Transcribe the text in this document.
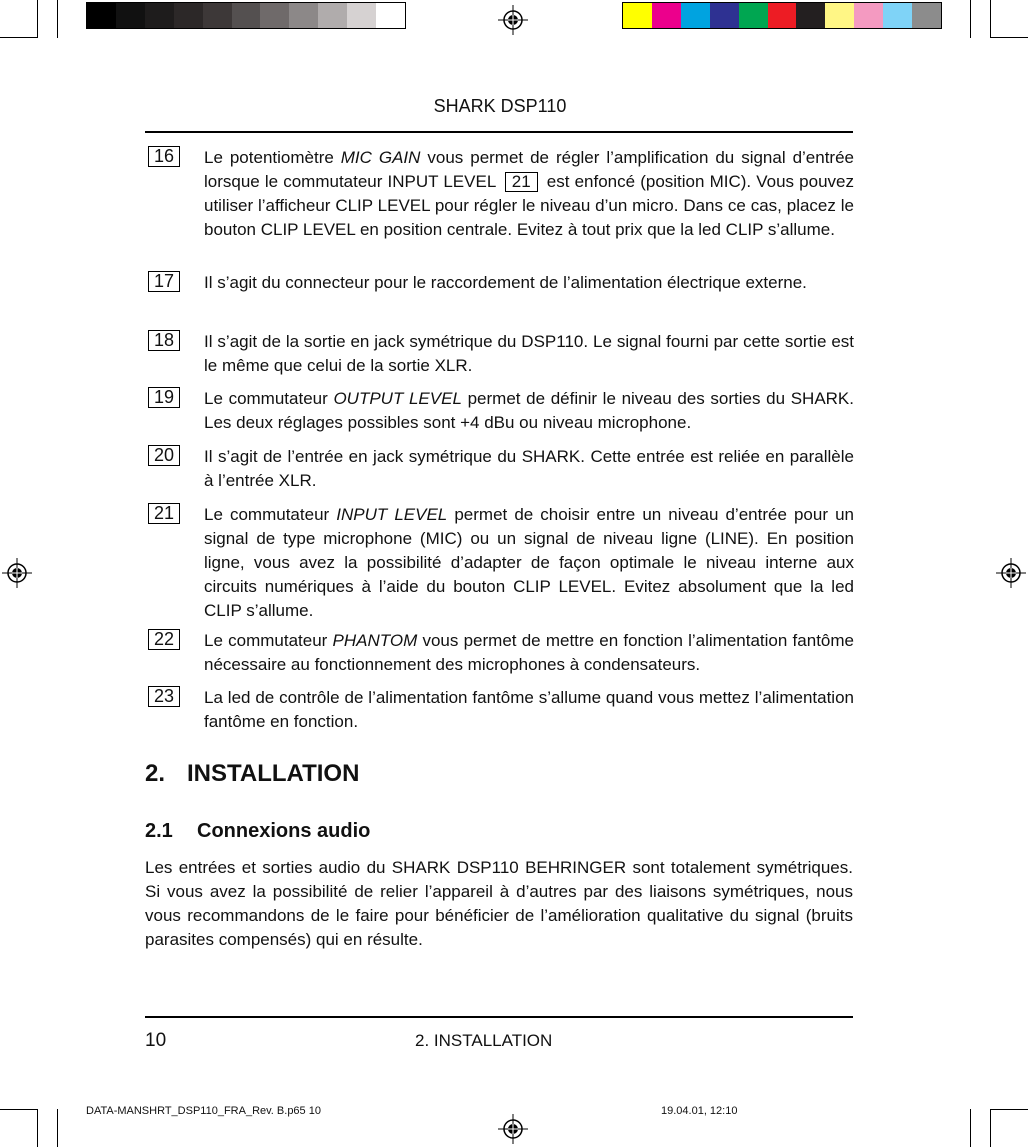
SHARK DSP110
16	Le potentiomètre MIC GAIN vous permet de régler l’amplification du signal d’entrée lorsque le commutateur INPUT LEVEL 21 est enfoncé (position MIC). Vous pouvez utiliser l’afficheur CLIP LEVEL pour régler le niveau d’un micro. Dans ce cas, placez le bouton CLIP LEVEL en position centrale. Evitez à tout prix que la led CLIP s’allume.
17	Il s’agit du connecteur pour le raccordement de l’alimentation électrique externe.
18	Il s’agit de la sortie en jack symétrique du DSP110. Le signal fourni par cette sortie est le même que celui de la sortie XLR.
19	Le commutateur OUTPUT LEVEL permet de définir le niveau des sorties du SHARK. Les deux réglages possibles sont +4 dBu ou niveau microphone.
20	Il s’agit de l’entrée en jack symétrique du SHARK. Cette entrée est reliée en parallèle à l’entrée XLR.
21	Le commutateur INPUT LEVEL permet de choisir entre un niveau d’entrée pour un signal de type microphone (MIC) ou un signal de niveau ligne (LINE). En position ligne, vous avez la possibilité d’adapter de façon optimale le niveau interne aux circuits numériques à l’aide du bouton CLIP LEVEL. Evitez absolument que la led CLIP s’allume.
22	Le commutateur PHANTOM vous permet de mettre en fonction l’alimentation fantôme nécessaire au fonctionnement des microphones à condensateurs.
23	La led de contrôle de l’alimentation fantôme s’allume quand vous mettez l’alimentation fantôme en fonction.
2. INSTALLATION
2.1 Connexions audio
Les entrées et sorties audio du SHARK DSP110 BEHRINGER sont totalement symétriques. Si vous avez la possibilité de relier l’appareil à d’autres par des liaisons symétriques, nous vous recommandons de le faire pour bénéficier de l’amélioration qualitative du signal (bruits parasites compensés) qui en résulte.
10	2. INSTALLATION
DATA-MANSHRT_DSP110_FRA_Rev. B.p65 10	19.04.01, 12:10
